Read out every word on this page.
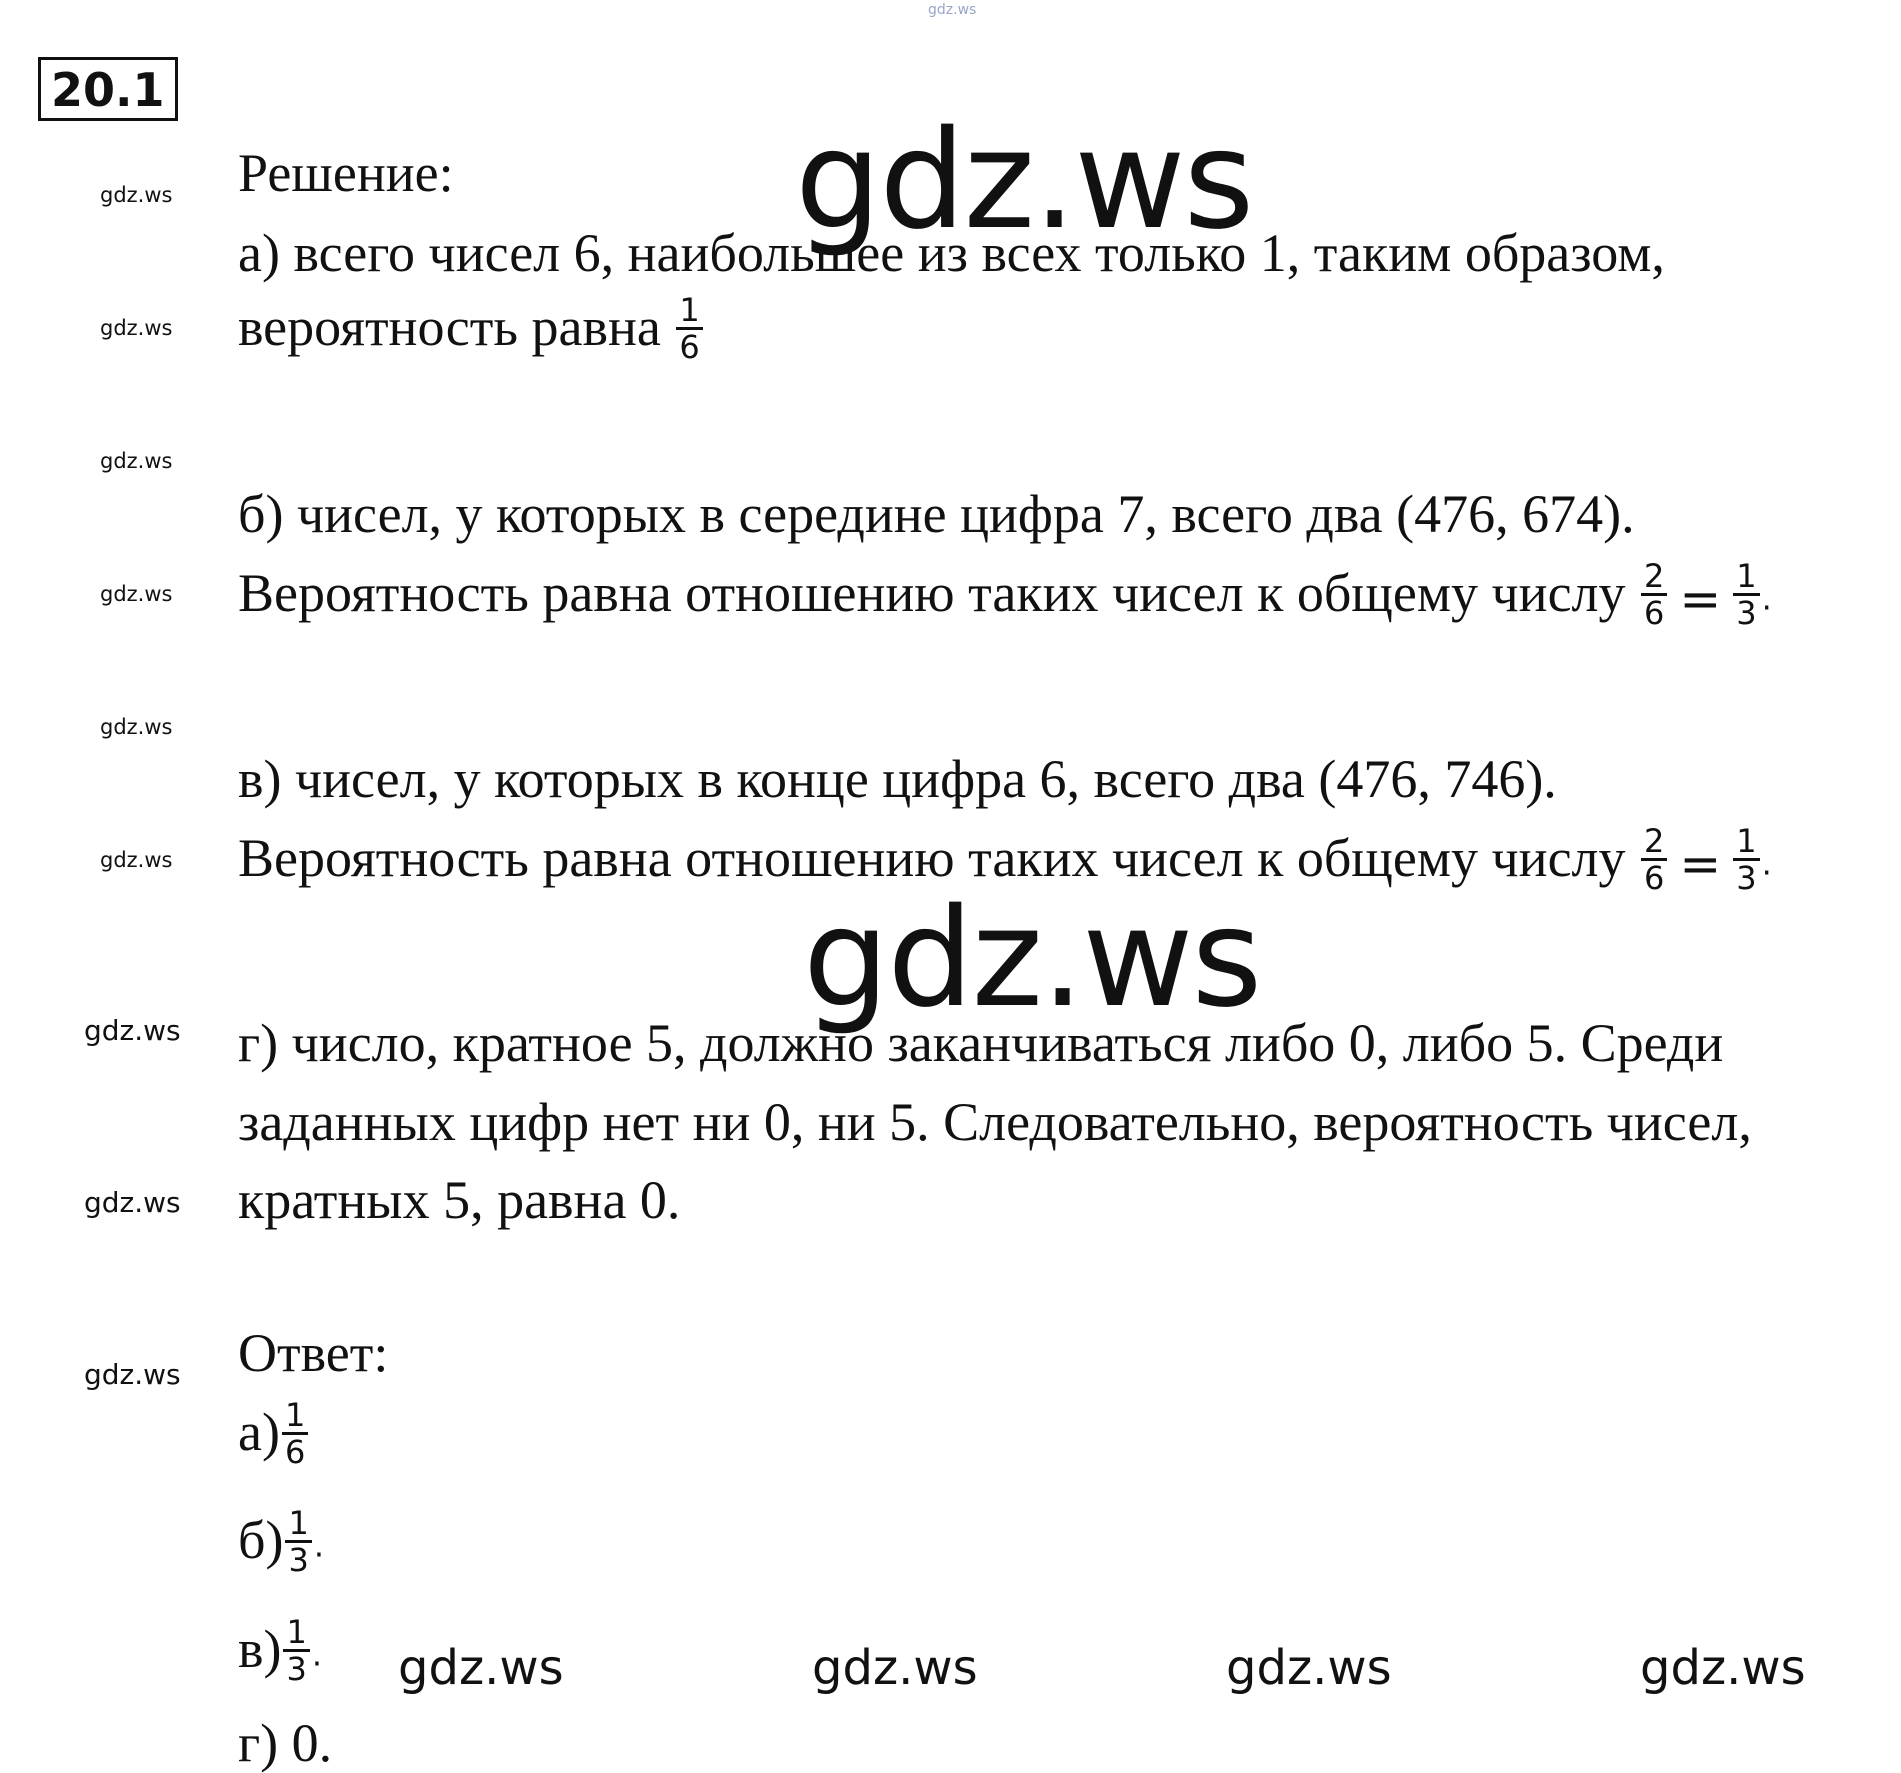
gdz.ws
20.1
gdz.ws
gdz.ws
gdz.ws
gdz.ws
gdz.ws
gdz.ws
gdz.ws
gdz.ws
gdz.ws
gdz.ws
gdz.ws
gdz.ws	gdz.ws	gdz.ws	gdz.ws
Решение:
а) всего чисел 6, наибольшее из всех только 1, таким образом,
вероятность равна $\frac{1}{6}$
б) чисел, у которых в середине цифра 7, всего два (476, 674).
Вероятность равна отношению таких чисел к общему числу $\frac{2}{6} = \frac{1}{3}$ .
в) чисел, у которых в конце цифра 6, всего два (476, 746).
Вероятность равна отношению таких чисел к общему числу $\frac{2}{6} = \frac{1}{3}$ .
г) число, кратное 5, должно заканчиваться либо 0, либо 5. Среди
заданных цифр нет ни 0, ни 5. Следовательно, вероятность чисел,
кратных 5, равна 0.
Ответ:
$а) \frac{1}{6}$
$б) \frac{1}{3}$ .
$в) \frac{1}{3}$ .
г) 0.
